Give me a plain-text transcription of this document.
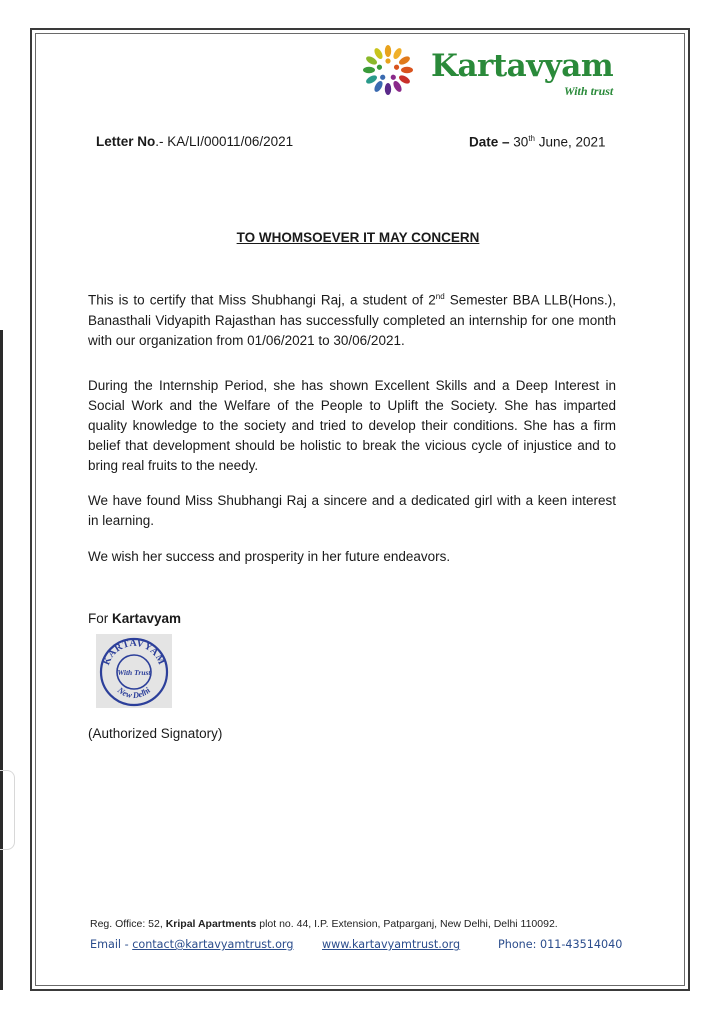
Kartavyam
With trust
Letter No.- KA/LI/00011/06/2021	Date – 30th June, 2021
TO WHOMSOEVER IT MAY CONCERN

This is to certify that Miss Shubhangi Raj, a student of 2nd Semester BBA LLB(Hons.), Banasthali Vidyapith Rajasthan has successfully completed an internship for one month with our organization from 01/06/2021 to 30/06/2021.

During the Internship Period, she has shown Excellent Skills and a Deep Interest in Social Work and the Welfare of the People to Uplift the Society. She has imparted quality knowledge to the society and tried to develop their conditions. She has a firm belief that development should be holistic to break the vicious cycle of injustice and to bring real fruits to the needy.

We have found Miss Shubhangi Raj a sincere and a dedicated girl with a keen interest in learning.

We wish her success and prosperity in her future endeavors.

For Kartavyam
KARTAVYAM
With Trust
New Delhi
(Authorized Signatory)
Reg. Office: 52, Kripal Apartments plot no. 44, I.P. Extension, Patparganj, New Delhi, Delhi 110092.
Email - contact@kartavyamtrust.org	www.kartavyamtrust.org	Phone: 011-43514040
